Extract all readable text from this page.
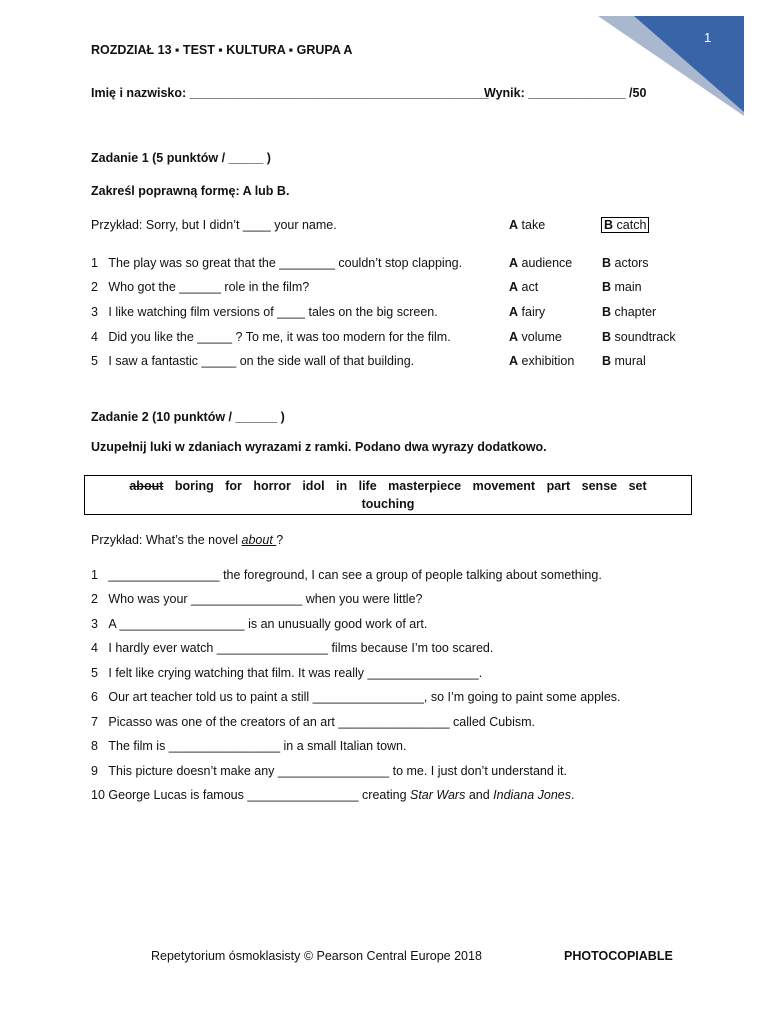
1
ROZDZIAŁ 13 ▪ TEST ▪ KULTURA ▪ GRUPA A
Imię i nazwisko: ___________________________________________
Wynik: ______________ /50
Zadanie 1 (5 punktów / _____ )
Zakreśl poprawną formę: A lub B.
Przykład: Sorry, but I didn’t ____ your name.	A take	B catch
1 The play was so great that the ________ couldn’t stop clapping.	A audience B actors
2 Who got the ______ role in the film?	A act	B main
3 I like watching film versions of ____ tales on the big screen.	A fairy	B chapter
4 Did you like the _____ ? To me, it was too modern for the film.	A volume	B soundtrack
5 I saw a fantastic _____ on the side wall of that building.	A exhibition B mural
Zadanie 2 (10 punktów / ______ )
Uzupełnij luki w zdaniach wyrazami z ramki. Podano dwa wyrazy dodatkowo.
about boring for horror idol in life masterpiece movement part sense set
touching
Przykład: What’s the novel about ?
1 ________________ the foreground, I can see a group of people talking about something.
2 Who was your ________________ when you were little?
3 A __________________ is an unusually good work of art.
4 I hardly ever watch ________________ films because I’m too scared.
5 I felt like crying watching that film. It was really ________________.
6 Our art teacher told us to paint a still ________________, so I’m going to paint some apples.
7 Picasso was one of the creators of an art ________________ called Cubism.
8 The film is ________________ in a small Italian town.
9 This picture doesn’t make any ________________ to me. I just don’t understand it.
10 George Lucas is famous ________________ creating Star Wars and Indiana Jones.
Repetytorium ósmoklasisty © Pearson Central Europe 2018	PHOTOCOPIABLE
